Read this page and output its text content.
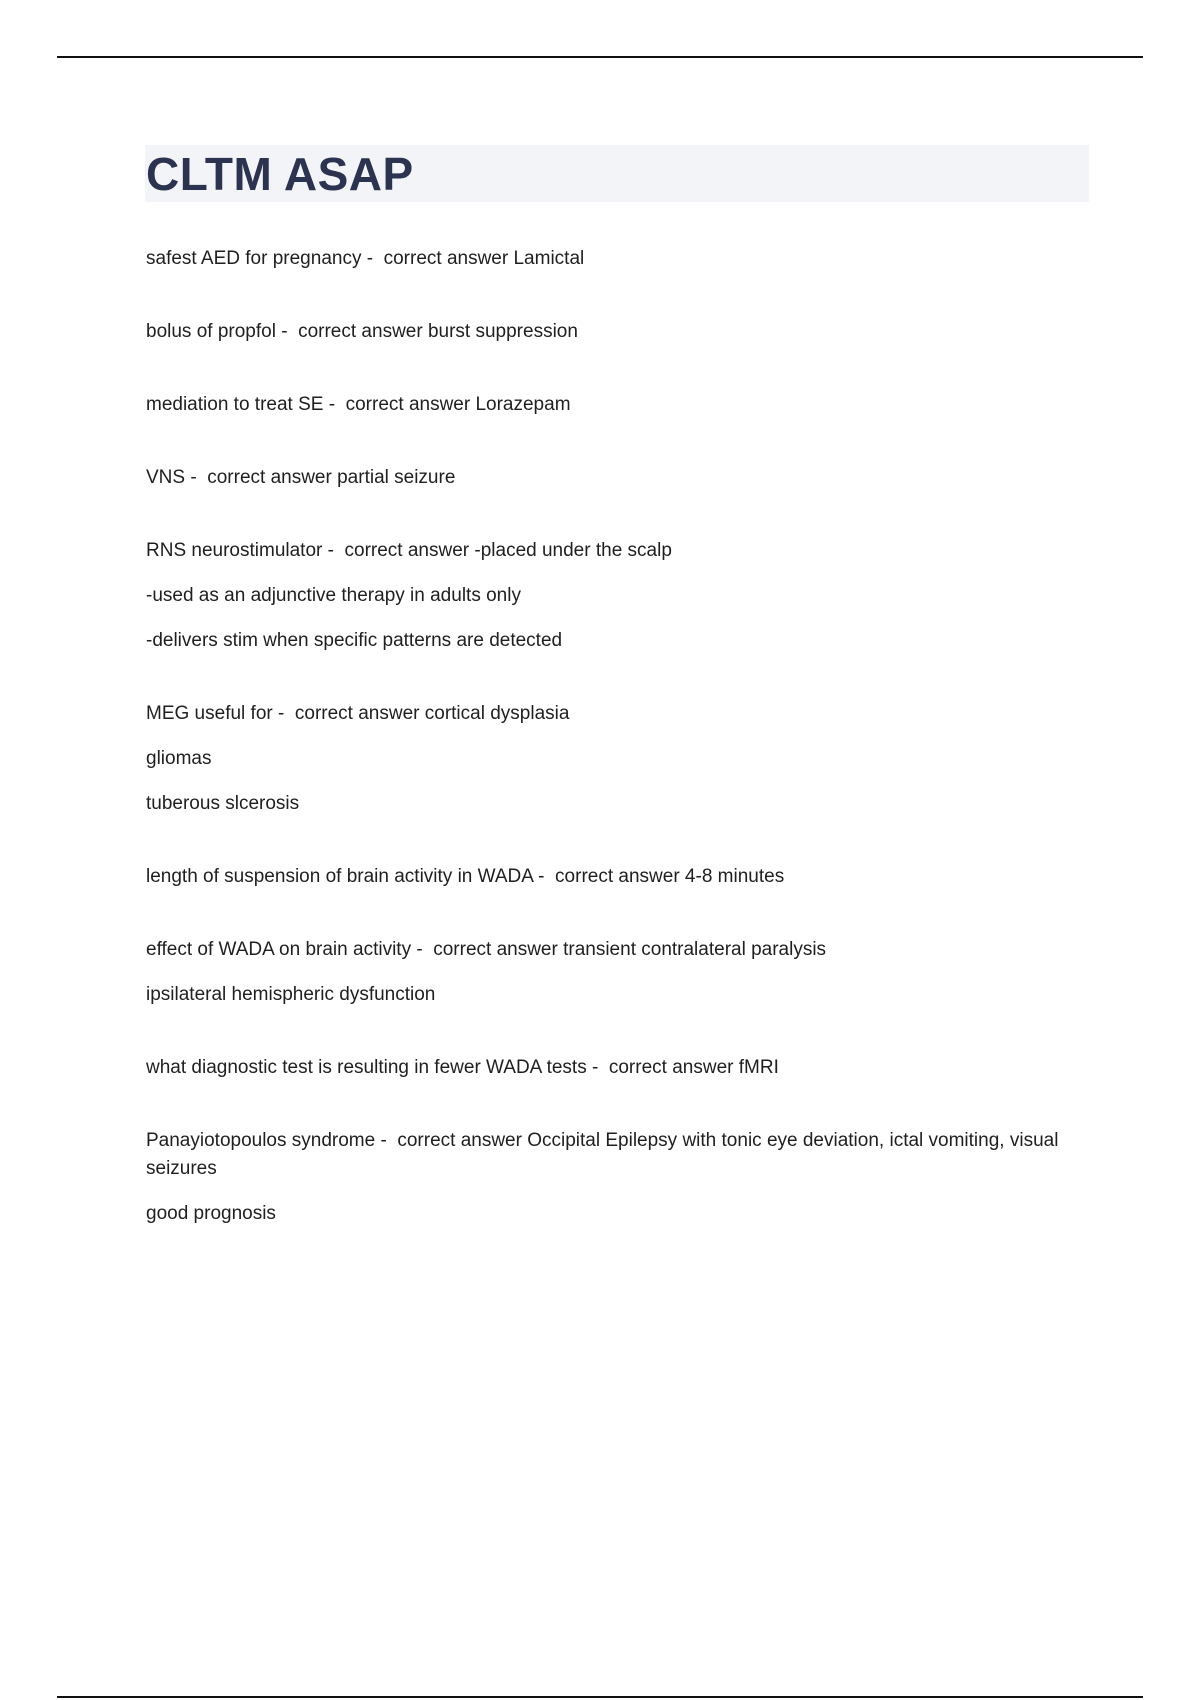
CLTM ASAP

safest AED for pregnancy -  correct answer Lamictal

bolus of propfol -  correct answer burst suppression

mediation to treat SE -  correct answer Lorazepam

VNS -  correct answer partial seizure

RNS neurostimulator -  correct answer -placed under the scalp

-used as an adjunctive therapy in adults only

-delivers stim when specific patterns are detected

MEG useful for -  correct answer cortical dysplasia

gliomas

tuberous slcerosis

length of suspension of brain activity in WADA -  correct answer 4-8 minutes

effect of WADA on brain activity -  correct answer transient contralateral paralysis

ipsilateral hemispheric dysfunction

what diagnostic test is resulting in fewer WADA tests -  correct answer fMRI

Panayiotopoulos syndrome -  correct answer Occipital Epilepsy with tonic eye deviation, ictal vomiting, visual seizures

good prognosis
